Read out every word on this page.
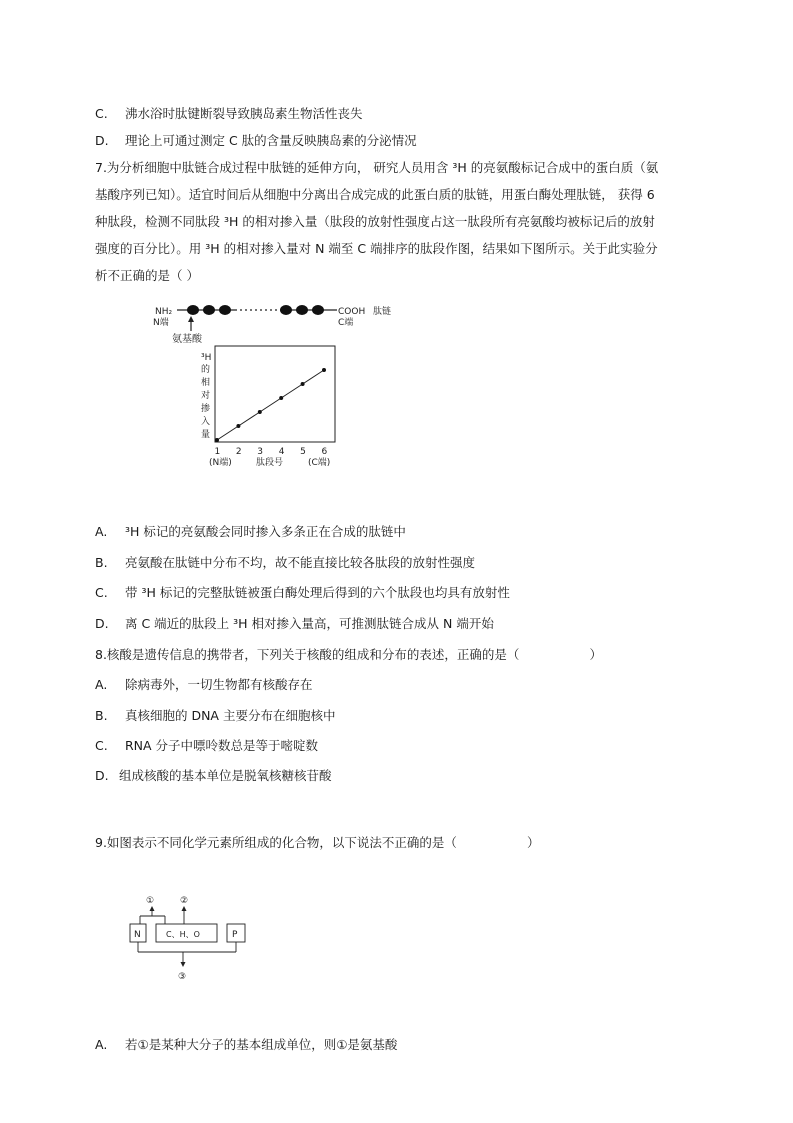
C. 沸水浴时肽键断裂导致胰岛素生物活性丧失
D. 理论上可通过测定 C 肽的含量反映胰岛素的分泌情况
7.为分析细胞中肽链合成过程中肽链的延伸方向， 研究人员用含 ³H 的亮氨酸标记合成中的蛋白质（氨
基酸序列已知）。适宜时间后从细胞中分离出合成完成的此蛋白质的肽链，用蛋白酶处理肽链， 获得 6
种肽段，检测不同肽段 ³H 的相对掺入量（肽段的放射性强度占这一肽段所有亮氨酸均被标记后的放射
强度的百分比）。用 ³H 的相对掺入量对 N 端至 C 端排序的肽段作图，结果如下图所示。关于此实验分
析不正确的是（ ）
NH₂
N端
COOH 肽链
C端
氨基酸
³H
的
相
对
掺
入
量
1 2 3 4 5 6
(N端)	肽段号	(C端)
A. ³H 标记的亮氨酸会同时掺入多条正在合成的肽链中
B. 亮氨酸在肽链中分布不均，故不能直接比较各肽段的放射性强度
C. 带 ³H 标记的完整肽链被蛋白酶处理后得到的六个肽段也均具有放射性
D. 离 C 端近的肽段上 ³H 相对掺入量高，可推测肽链合成从 N 端开始
8.核酸是遗传信息的携带者，下列关于核酸的组成和分布的表述，正确的是（	）
A. 除病毒外，一切生物都有核酸存在
B. 真核细胞的 DNA 主要分布在细胞核中
C. RNA 分子中嘌呤数总是等于嘧啶数
D. 组成核酸的基本单位是脱氧核糖核苷酸
9.如图表示不同化学元素所组成的化合物，以下说法不正确的是（	）
①	②
N	C、H、O	P
③
A. 若①是某种大分子的基本组成单位，则①是氨基酸
